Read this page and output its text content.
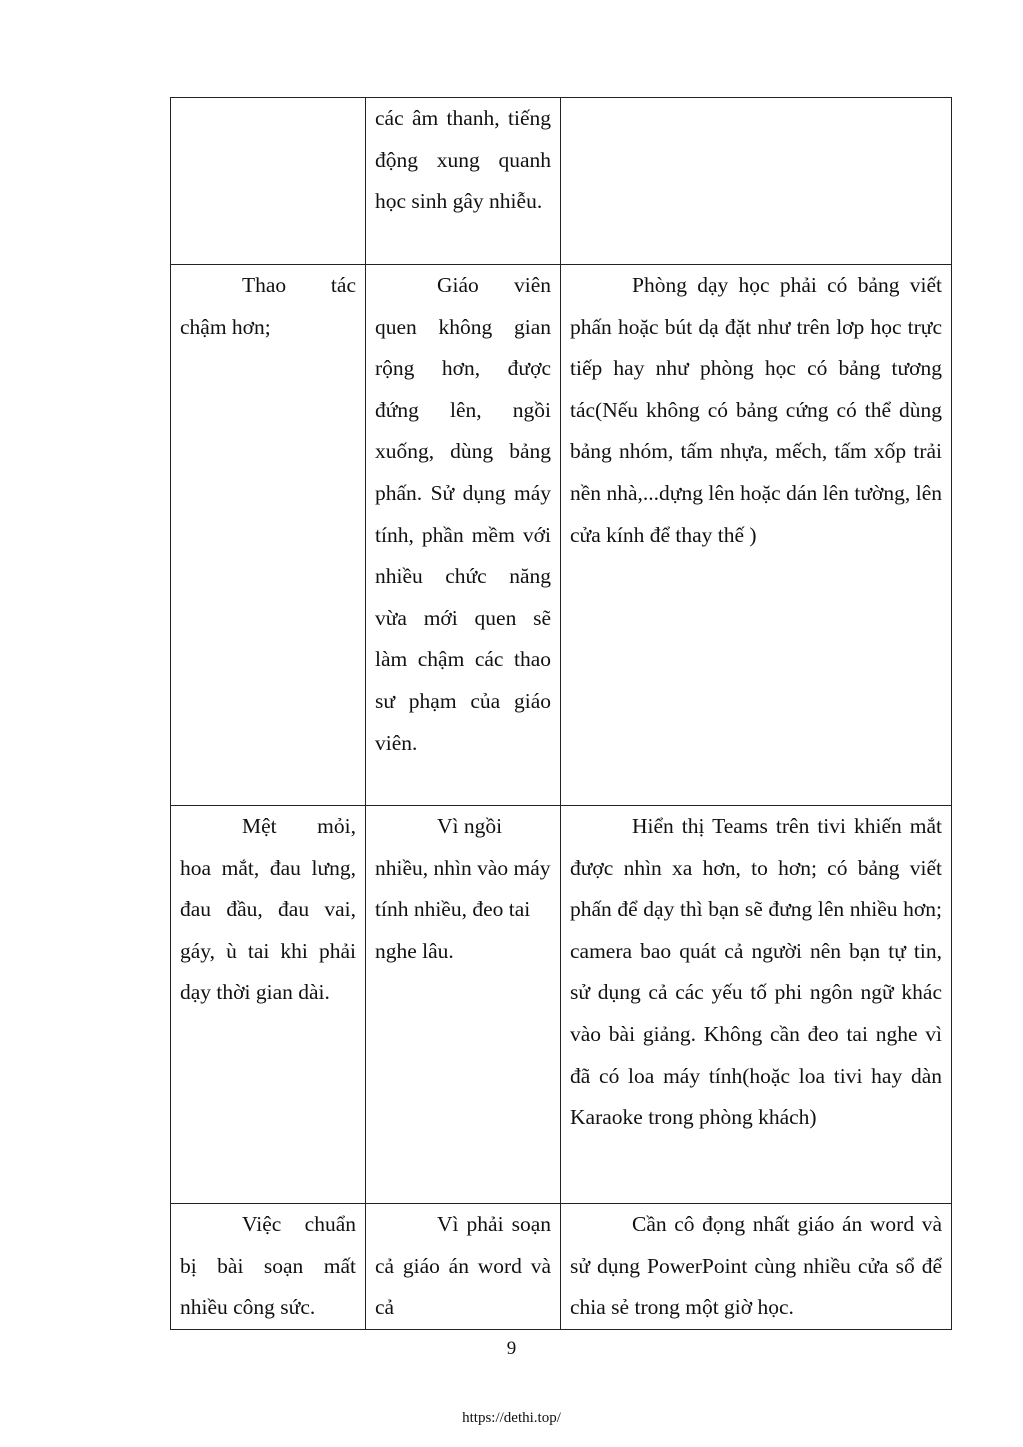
	các âm thanh, tiếng động xung quanh học sinh gây nhiễu.	

Thao tác chậm hơn;	Giáo viên quen không gian rộng hơn, được đứng lên, ngồi xuống, dùng bảng phấn. Sử dụng máy tính, phần mềm với nhiều chức năng vừa mới quen sẽ làm chậm các thao sư phạm của giáo viên.	Phòng dạy học phải có bảng viết phấn hoặc bút dạ đặt như trên lơp học trực tiếp hay như phòng học có bảng tương tác(Nếu không có bảng cứng có thể dùng bảng nhóm, tấm nhựa, mếch, tấm xốp trải nền nhà,...dựng lên hoặc dán lên tường, lên cửa kính để thay thế )

Mệt mỏi, hoa mắt, đau lưng, đau đầu, đau vai, gáy, ù tai khi phải dạy thời gian dài.	Vì ngồi nhiều, nhìn vào máy tính nhiều, đeo tai nghe lâu.	Hiển thị Teams trên tivi khiến mắt được nhìn xa hơn, to hơn; có bảng viết phấn để dạy thì bạn sẽ đưng lên nhiều hơn; camera bao quát cả người nên bạn tự tin, sử dụng cả các yếu tố phi ngôn ngữ khác vào bài giảng. Không cần đeo tai nghe vì đã có loa máy tính(hoặc loa tivi hay dàn Karaoke trong phòng khách)

Việc chuẩn bị bài soạn mất nhiều công sức.	Vì phải soạn cả giáo án word và cả	Cần cô đọng nhất giáo án word và sử dụng PowerPoint cùng nhiều cửa sổ để chia sẻ trong một giờ học.

9
https://dethi.top/
